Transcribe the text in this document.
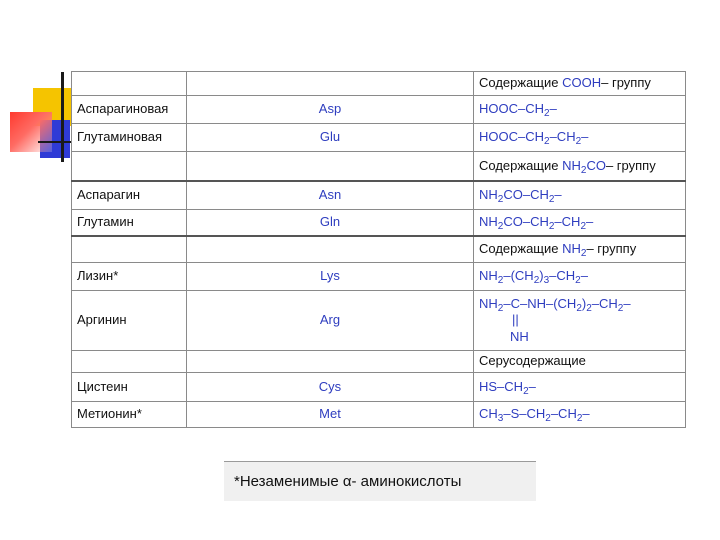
		Содержащие COOH– группу
Аспарагиновая	Asp	HOOC–$CH_2-$
Глутаминовая	Glu	HOOC–$CH_2-CH_2-$
		Содержащие $NH_2CO-$ группу
Аспарагин	Asn	$NH_2CO-CH_2-$
Глутамин	Gln	$NH_2CO-CH_2-CH_2-$
		Содержащие $NH_2-$ группу
Лизин*	Lys	$NH_2-(CH_2)_3-CH_2-$
Аргинин	Arg	$NH_2-C-NH-(CH_2)_2-CH_2-$
||
NH

		Серусодержащие
Цистеин	Cys	$HS-CH_2-$
Метионин*	Met	$CH_3-S-CH_2-CH_2-$
*Незаменимые α- аминокислоты
